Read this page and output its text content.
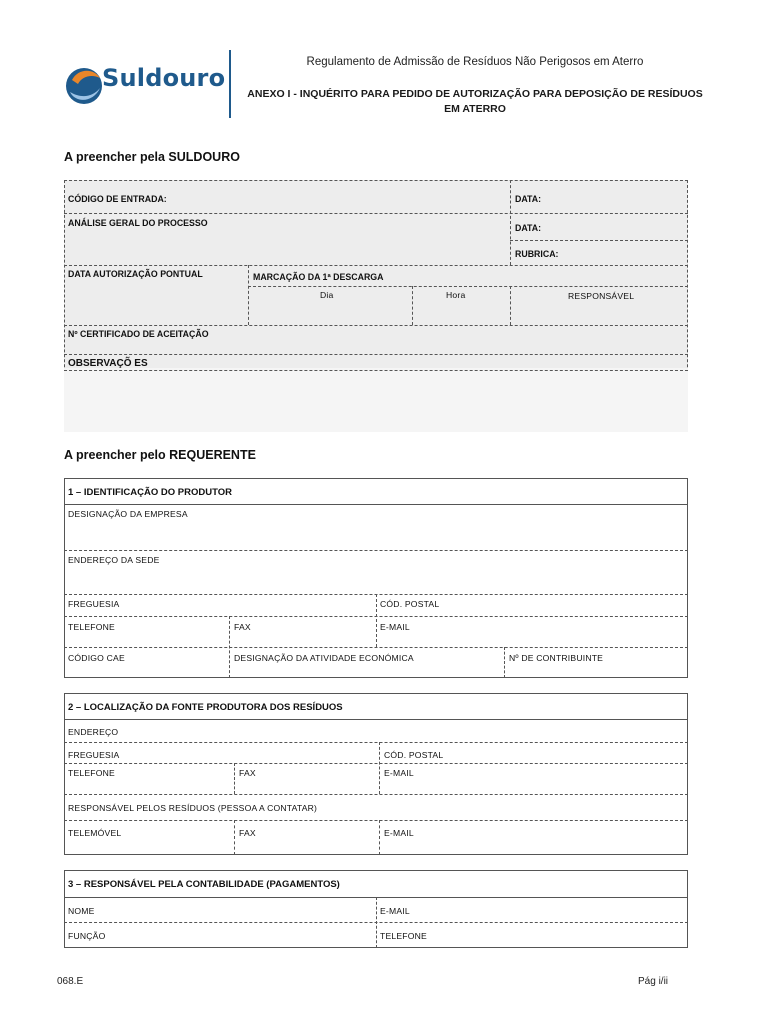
Suldouro
Regulamento de Admissão de Resíduos Não Perigosos em Aterro
ANEXO I - INQUÉRITO PARA PEDIDO DE AUTORIZAÇÃO PARA DEPOSIÇÃO DE RESÍDUOS
EM ATERRO
A preencher pela SULDOURO
CÓDIGO DE ENTRADA:	DATA:
ANÁLISE GERAL DO PROCESSO	DATA:
RUBRICA:
DATA AUTORIZAÇÃO PONTUAL	MARCAÇÃO DA 1ª DESCARGA
Dia	Hora	RESPONSÁVEL
Nº CERTIFICADO DE ACEITAÇÃO
OBSERVAÇÕ ES
A preencher pelo REQUERENTE
1 – IDENTIFICAÇÃO DO PRODUTOR
DESIGNAÇÃO DA EMPRESA
ENDEREÇO DA SEDE
FREGUESIA	CÓD. POSTAL
TELEFONE	FAX	E-MAIL
CÓDIGO CAE	DESIGNAÇÃO DA ATIVIDADE ECONÓMICA	Nº DE CONTRIBUINTE
2 – LOCALIZAÇÃO DA FONTE PRODUTORA DOS RESÍDUOS
ENDEREÇO
FREGUESIA	CÓD. POSTAL
TELEFONE	FAX	E-MAIL
RESPONSÁVEL PELOS RESÍDUOS (PESSOA A CONTATAR)
TELEMÓVEL	FAX	E-MAIL
3 – RESPONSÁVEL PELA CONTABILIDADE (PAGAMENTOS)
NOME	E-MAIL
FUNÇÃO	TELEFONE
068.E	Pág i/ii
